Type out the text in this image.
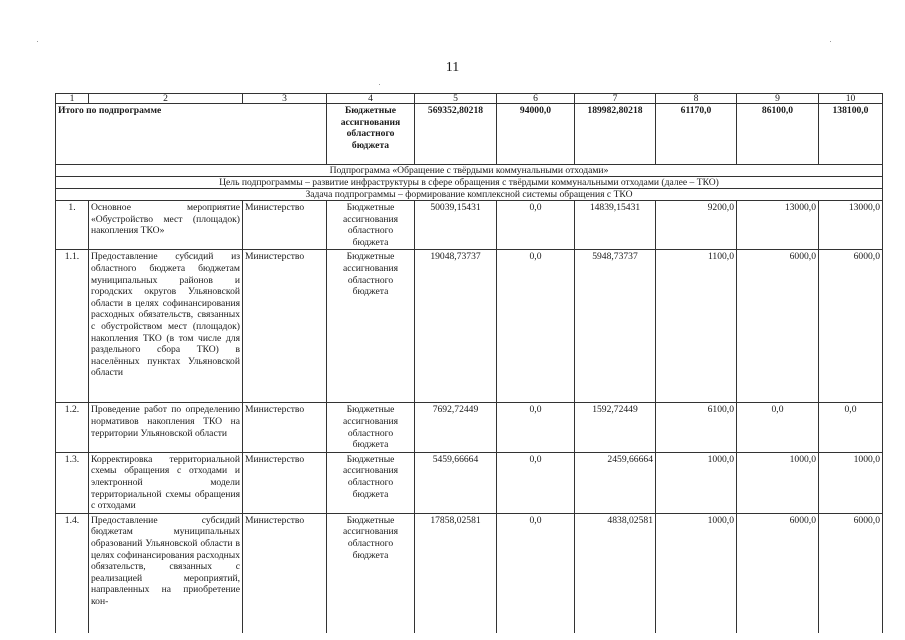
11
1	2	3	4	5	6	7	8	9	10
Итого по подпрограмме			Бюджетные ассигнования областного бюджета	569352,80218	94000,0	189982,80218	61170,0	86100,0	138100,0
Подпрограмма «Обращение с твёрдыми коммунальными отходами»									
Цель подпрограммы – развитие инфраструктуры в сфере обращения с твёрдыми коммунальными отходами (далее – ТКО)									
Задача подпрограммы – формирование комплексной системы обращения с ТКО									
1.	Основное мероприятие «Обустройство мест (площадок) накопления ТКО»	Министерство	Бюджетные ассигнования областного бюджета	50039,15431	0,0	14839,15431	9200,0	13000,0	13000,0
1.1.	Предоставление субсидий из областного бюджета бюджетам муниципальных районов и городских округов Ульяновской области в целях софинансирования расходных обязательств, связанных с обустройством мест (площадок) накопления ТКО (в том числе для раздельного сбора ТКО) в населённых пунктах Ульяновской области	Министерство	Бюджетные ассигнования областного бюджета	19048,73737	0,0	5948,73737	1100,0	6000,0	6000,0
1.2.	Проведение работ по определению нормативов накопления ТКО на территории Ульяновской области	Министерство	Бюджетные ассигнования областного бюджета	7692,72449	0,0	1592,72449	6100,0	0,0	0,0
1.3.	Корректировка территориальной схемы обращения с отходами и электронной модели территориальной схемы обращения с отходами	Министерство	Бюджетные ассигнования областного бюджета	5459,66664	0,0	2459,66664	1000,0	1000,0	1000,0
1.4.	Предоставление субсидий бюджетам муниципальных образований Ульяновской области в целях софинансирования расходных обязательств, связанных с реализацией мероприятий, направленных на приобретение кон-	Министерство	Бюджетные ассигнования областного бюджета	17858,02581	0,0	4838,02581	1000,0	6000,0	6000,0
